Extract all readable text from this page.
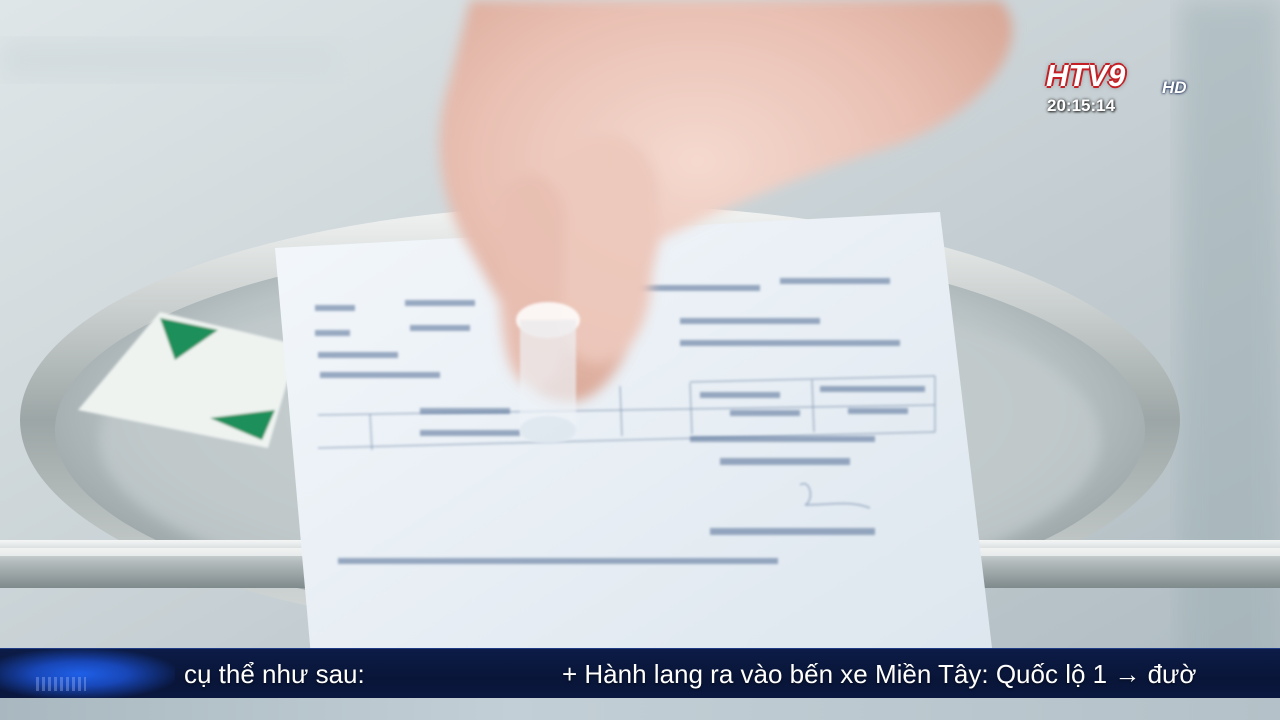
HTV9 HD
20:15:14
cụ thể như sau:	+ Hành lang ra vào bến xe Miền Tây: Quốc lộ 1 → đườ
